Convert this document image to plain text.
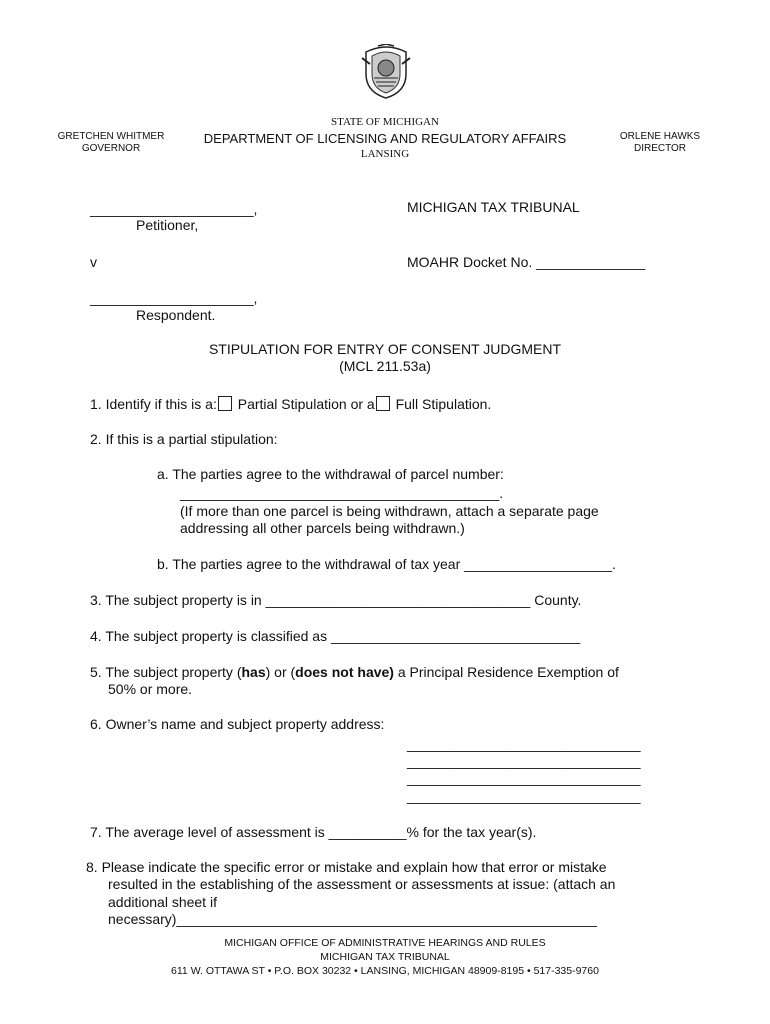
GRETCHEN WHITMER
GOVERNOR
STATE OF MICHIGAN
DEPARTMENT OF LICENSING AND REGULATORY AFFAIRS
LANSING
ORLENE HAWKS
DIRECTOR
_____________________,
Petitioner,
v
_____________________,
Respondent.
MICHIGAN TAX TRIBUNAL
MOAHR Docket No. ______________
STIPULATION FOR ENTRY OF CONSENT JUDGMENT
(MCL 211.53a)
1. Identify if this is a: Partial Stipulation or a Full Stipulation.
2. If this is a partial stipulation:
a. The parties agree to the withdrawal of parcel number:
_________________________________________.
(If more than one parcel is being withdrawn, attach a separate page
addressing all other parcels being withdrawn.)
b. The parties agree to the withdrawal of tax year ___________________.
3. The subject property is in __________________________________ County.
4. The subject property is classified as ________________________________
5. The subject property (has) or (does not have) a Principal Residence Exemption of
50% or more.
6. Owner’s name and subject property address:
______________________________
______________________________
______________________________
______________________________
7. The average level of assessment is __________% for the tax year(s).
8. Please indicate the specific error or mistake and explain how that error or mistake
resulted in the establishing of the assessment or assessments at issue: (attach an
additional sheet if
necessary)______________________________________________________
MICHIGAN OFFICE OF ADMINISTRATIVE HEARINGS AND RULES
MICHIGAN TAX TRIBUNAL
611 W. OTTAWA ST • P.O. BOX 30232 • LANSING, MICHIGAN 48909-8195 • 517-335-9760
